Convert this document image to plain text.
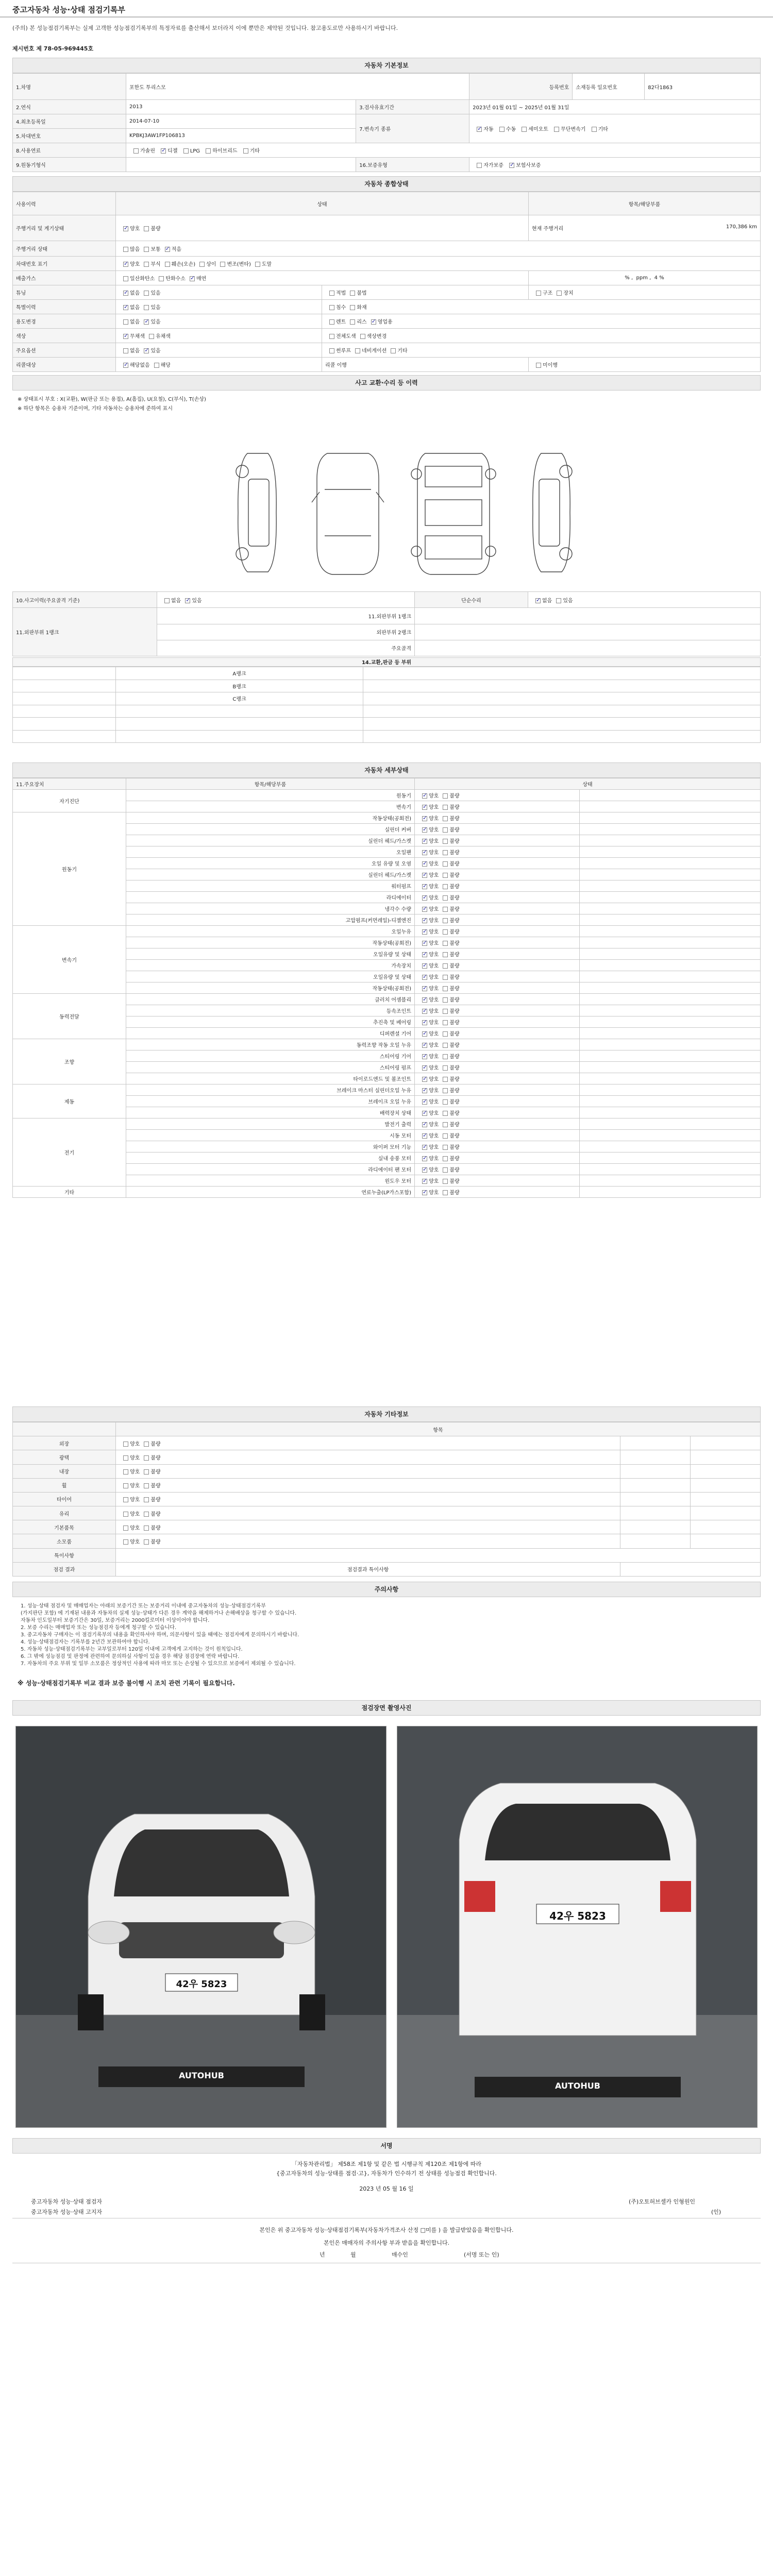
중고자동차 성능·상태 점검기록부
(주의) 본 성능점검기록부는 실제 고객한 성능점검기록부의 특정자료를 출산해서 보더라지 이에 뿐만은 제약된 것입니다. 참고용도로만 사용하시기 바랍니다.
제시번호 제 78-05-969445호
자동차 기본정보
1.차명	포한도 투리스모		등록번호	소재등록 일요번호	82다1863
2.연식	2013	3.검사유효기간	2023년 01월 01일 ~ 2025년 01월 31일		
4.최초등록일	2014-07-10	7.변속기 종류	✓자동 수동 세미오토 무단변속기 기타
5.차대번호	KPBKJ3AW1FP106813				
8.사용연료	가솔린 ✓ 디젤 LPG 하이브리드 기타
9.원동기형식		16.보증유형	자가보증 ✓ 보험사보증
자동차 종합상태
사용이력	상태		항목/해당부품
주행거리 및 계기상태	✓양호 불량		현재 주행거리 170,386 km

주행거리 상태	많음 보통 ✓ 적음
차대번호 표기	✓양호 부식 훼손(오손) 상이 변조(변타) 도말
배출가스	일산화탄소 탄화수소 ✓ 매연		% ,  ppm ,  4 %
튜닝	✓없음 있음	적법 불법	구조 장치
특별이력	✓없음 있음	침수 화재	
용도변경	없음 ✓ 있음	렌트 리스 ✓ 영업용
색상	✓무채색 유채색	전체도색 색상변경	
주요옵션	없음 ✓ 있음	썬루프 네비게이션 기타	
리콜대상	✓해당없음 해당	리콜 이행	미이행
사고 교환·수리 등 이력
※ 상태표시 부호 : X(교환), W(판금 또는 용접), A(흠집), U(요철), C(부식), T(손상)
※ 하단 항목은 승용차 기준이며, 기타 자동차는 승용차에 준하여 표시
10.사고이력(주요골격 기준)	없음 ✓ 있음	단순수리	✓없음 있음
11.외판부위 1랭크	11.외판부위 1랭크		
	외판부위 2랭크		
	주요골격		
14.교환,판금 등 부위
	A랭크	
	B랭크	
	C랭크	

자동차 세부상태
11.주요장치	항목/해당부품	상태	
자기진단	원동기	✓양호 불량	
	변속기	✓양호 불량	
원동기	작동상태(공회전)	✓양호 불량	
	실린더 커버	✓양호 불량	
	실린더 헤드/가스켓	✓양호 불량	
	오일팬	✓양호 불량	
	오일 유량 및 오염	✓양호 불량	
	실린더 헤드/가스켓	✓양호 불량	
	워터펌프	✓양호 불량	
	라디에이터	✓양호 불량	
	냉각수 수량	✓양호 불량	
	고압펌프(커먼레일)-디젤엔진	✓양호 불량	
변속기	오일누유	✓양호 불량	
	작동상태(공회전)	✓양호 불량	
	오일유량 및 상태	✓양호 불량	
	가속장치	✓양호 불량	
	오일유량 및 상태	✓양호 불량	
	작동상태(공회전)	✓양호 불량	
동력전달	클러치 어셈블리	✓양호 불량	
	등속조인트	✓양호 불량	
	추진축 및 베어링	✓양호 불량	
	디퍼렌셜 기어	✓양호 불량	
조향	동력조향 작동 오일 누유	✓양호 불량	
	스티어링 기어	✓양호 불량	
	스티어링 펌프	✓양호 불량	
	타이로드엔드 및 볼조인트	✓양호 불량	
제동	브레이크 마스터 실린더오일 누유	✓양호 불량	
	브레이크 오일 누유	✓양호 불량	
	배력장치 상태	✓양호 불량	
전기	발전기 출력	✓양호 불량	
	시동 모터	✓양호 불량	
	와이퍼 모터 기능	✓양호 불량	
	실내 송풍 모터	✓양호 불량	
	라디에이터 팬 모터	✓양호 불량	
	윈도우 모터	✓양호 불량	
기타	연료누출(LP가스포함)	✓양호 불량	
자동차 기타정보
	항목		
외장	양호 불량		
광택	양호 불량		
내장	양호 불량		
휠	양호 불량		
타이어	양호 불량		
유리	양호 불량		
기본품목	양호 불량		
소모품	양호 불량		
특이사항			
점검 결과	점검결과 특이사항		
주의사항
1. 성능·상태 점검자 및 매매업자는 아래의 보증기간 또는 보증거리 이내에 중고자동차의 성능·상태점검기록부
(가지판단 포함) 에 기재된 내용과 자동차의 실제 성능·상태가 다른 경우 계약을 해제하거나 손해배상을 청구할 수 있습니다.
자동차 인도일부터 보증기간은 30일, 보증거리는 2000킬로미터 이상이어야 합니다.
2. 보증 수리는 매매업자 또는 성능점검자 등에게 청구할 수 있습니다.
3. 중고자동차 구매자는 이 점검기록부의 내용을 확인하셔야 하며, 의문사항이 있을 때에는 점검자에게 문의하시기 바랍니다.
4. 성능·상태점검자는 기록부를 2년간 보관하여야 합니다.
5. 자동차 성능·상태점검기록부는 교부일로부터 120일 이내에 고객에게 고지하는 것이 원칙입니다.
6. 그 밖에 성능점검 및 판정에 관련하여 문의하실 사항이 있을 경우 해당 점검장에 연락 바랍니다.
7. 자동차의 주요 부위 및 일부 소모품은 정상적인 사용에 따라 마모 또는 손상될 수 있으므로 보증에서 제외될 수 있습니다.
※ 성능·상태점검기록부 비교 결과 보증 불이행 시 조치 관련 기록이 필요합니다.
점검장면 촬영사진
42우 5823
AUTOHUB
42우 5823
AUTOHUB
서명
「자동차관리법」 제58조 제1항 및 같은 법 시행규칙 제120조 제1항에 따라
{중고자동차의 성능·상태를 점검·고}, 자동차가 인수하기 전 상태를 성능점검 확인합니다.
2023 년 05 월 16 일
중고자동차 성능·상태 점검자	(주)오토허브셀카 인형원인
중고자동차 성능·상태 고지자	(인)
본인은 위 중고자동차 성능·상태점검기록부(자동차가격조사 산정 □미를 ) 을 발급받았음을 확인합니다.
본인은 매매자의 주의사항 부과 받음을 확인합니다.
년	월	매수인	(서명 또는 인)
